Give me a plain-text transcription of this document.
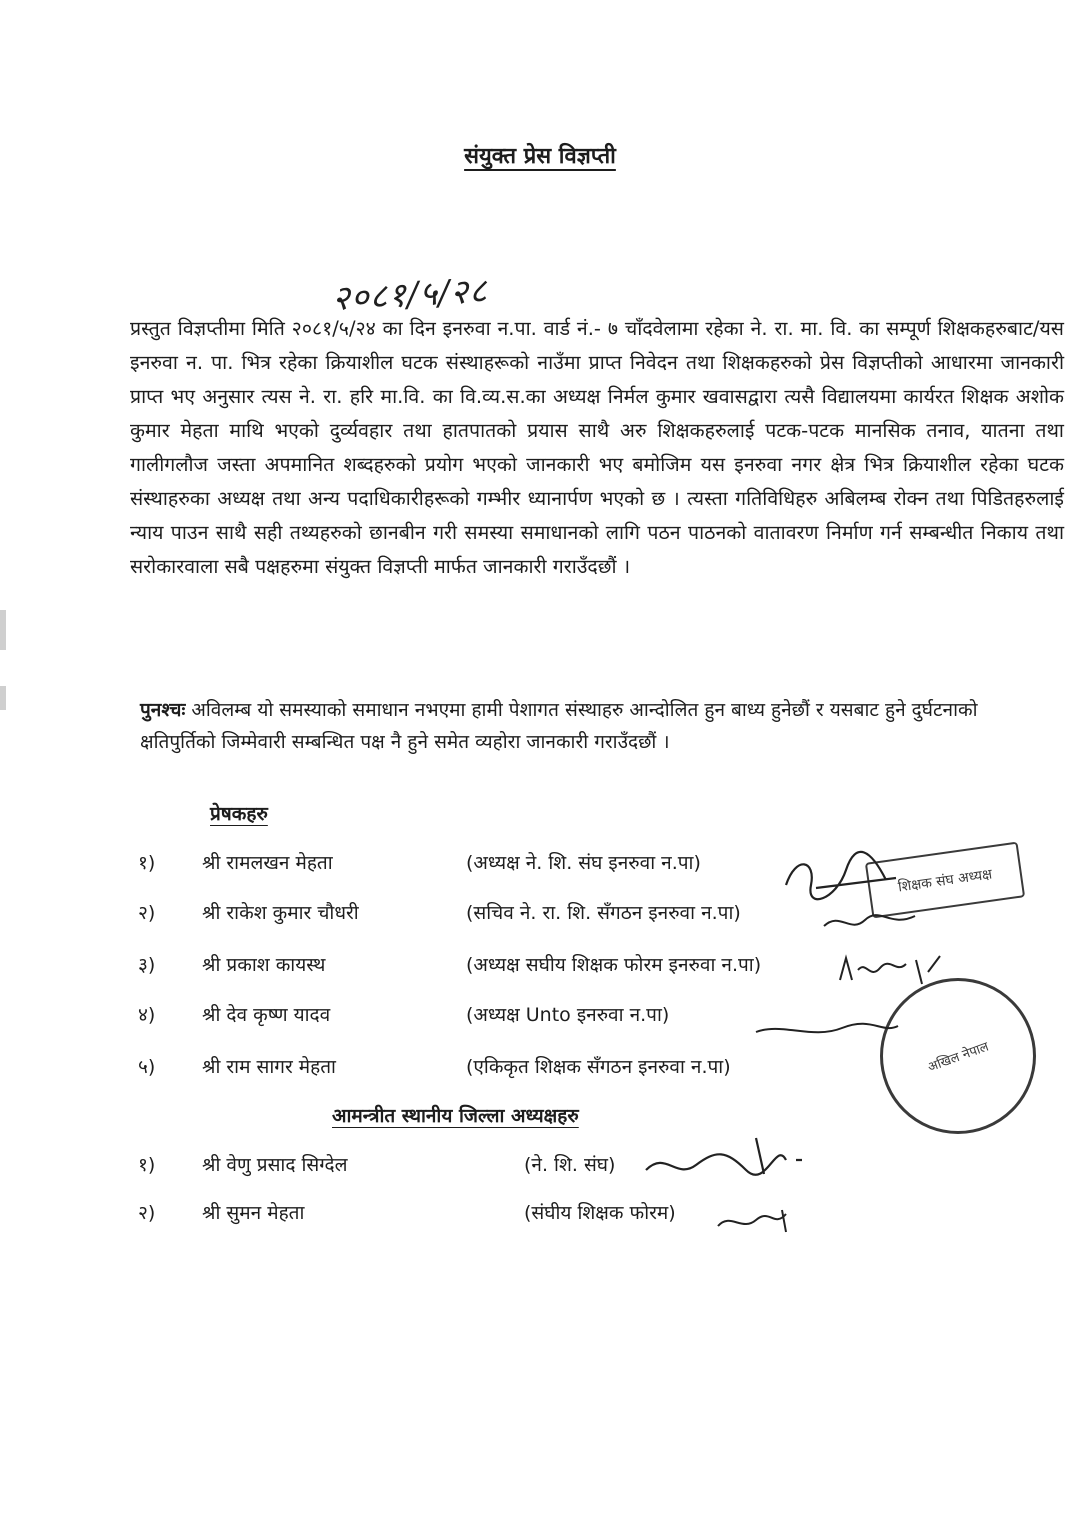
संयुक्त प्रेस विज्ञप्ती
२०८१/५/२८
प्रस्तुत विज्ञप्तीमा मिति २०८१/५/२४ का दिन इनरुवा न.पा. वार्ड नं.- ७ चाँदवेलामा रहेका ने. रा. मा. वि. का सम्पूर्ण शिक्षकहरुबाट/यस इनरुवा न. पा. भित्र रहेका क्रियाशील घटक संस्थाहरूको नाउँमा प्राप्त निवेदन तथा शिक्षकहरुको प्रेस विज्ञप्तीको आधारमा जानकारी प्राप्त भए अनुसार त्यस ने. रा. हरि मा.वि. का वि.व्य.स.का अध्यक्ष निर्मल कुमार खवासद्वारा त्यसै विद्यालयमा कार्यरत शिक्षक अशोक कुमार मेहता माथि भएको दुर्व्यवहार तथा हातपातको प्रयास साथै अरु शिक्षकहरुलाई पटक-पटक मानसिक तनाव, यातना तथा गालीगलौज जस्ता अपमानित शब्दहरुको प्रयोग भएको जानकारी भए बमोजिम यस इनरुवा नगर क्षेत्र भित्र क्रियाशील रहेका घटक संस्थाहरुका अध्यक्ष तथा अन्य पदाधिकारीहरूको गम्भीर ध्यानार्पण भएको छ । त्यस्ता गतिविधिहरु अबिलम्ब रोक्न तथा पिडितहरुलाई न्याय पाउन साथै सही तथ्यहरुको छानबीन गरी समस्या समाधानको लागि पठन पाठनको वातावरण निर्माण गर्न सम्बन्धीत निकाय तथा सरोकारवाला सबै पक्षहरुमा संयुक्त विज्ञप्ती मार्फत जानकारी गराउँदछौं ।
पुनश्चः अविलम्ब यो समस्याको समाधान नभएमा हामी पेशागत संस्थाहरु आन्दोलित हुन बाध्य हुनेछौं र यसबाट हुने दुर्घटनाको क्षतिपुर्तिको जिम्मेवारी सम्बन्धित पक्ष नै हुने समेत व्यहोरा जानकारी गराउँदछौं ।
प्रेषकहरु
१)	श्री रामलखन मेहता	(अध्यक्ष ने. शि. संघ इनरुवा न.पा)
२)	श्री राकेश कुमार चौधरी	(सचिव ने. रा. शि. सँगठन इनरुवा न.पा)
३)	श्री प्रकाश कायस्थ	(अध्यक्ष सघीय शिक्षक फोरम इनरुवा न.पा)
४)	श्री देव कृष्ण यादव	(अध्यक्ष Unto इनरुवा न.पा)
५)	श्री राम सागर मेहता	(एकिकृत शिक्षक सँगठन इनरुवा न.पा)
आमन्त्रीत स्थानीय जिल्ला अध्यक्षहरु
१)	श्री वेणु प्रसाद सिग्देल	(ने. शि. संघ)
२)	श्री सुमन मेहता	(संघीय शिक्षक फोरम)
शिक्षक संघ अध्यक्ष
अखिल नेपाल
